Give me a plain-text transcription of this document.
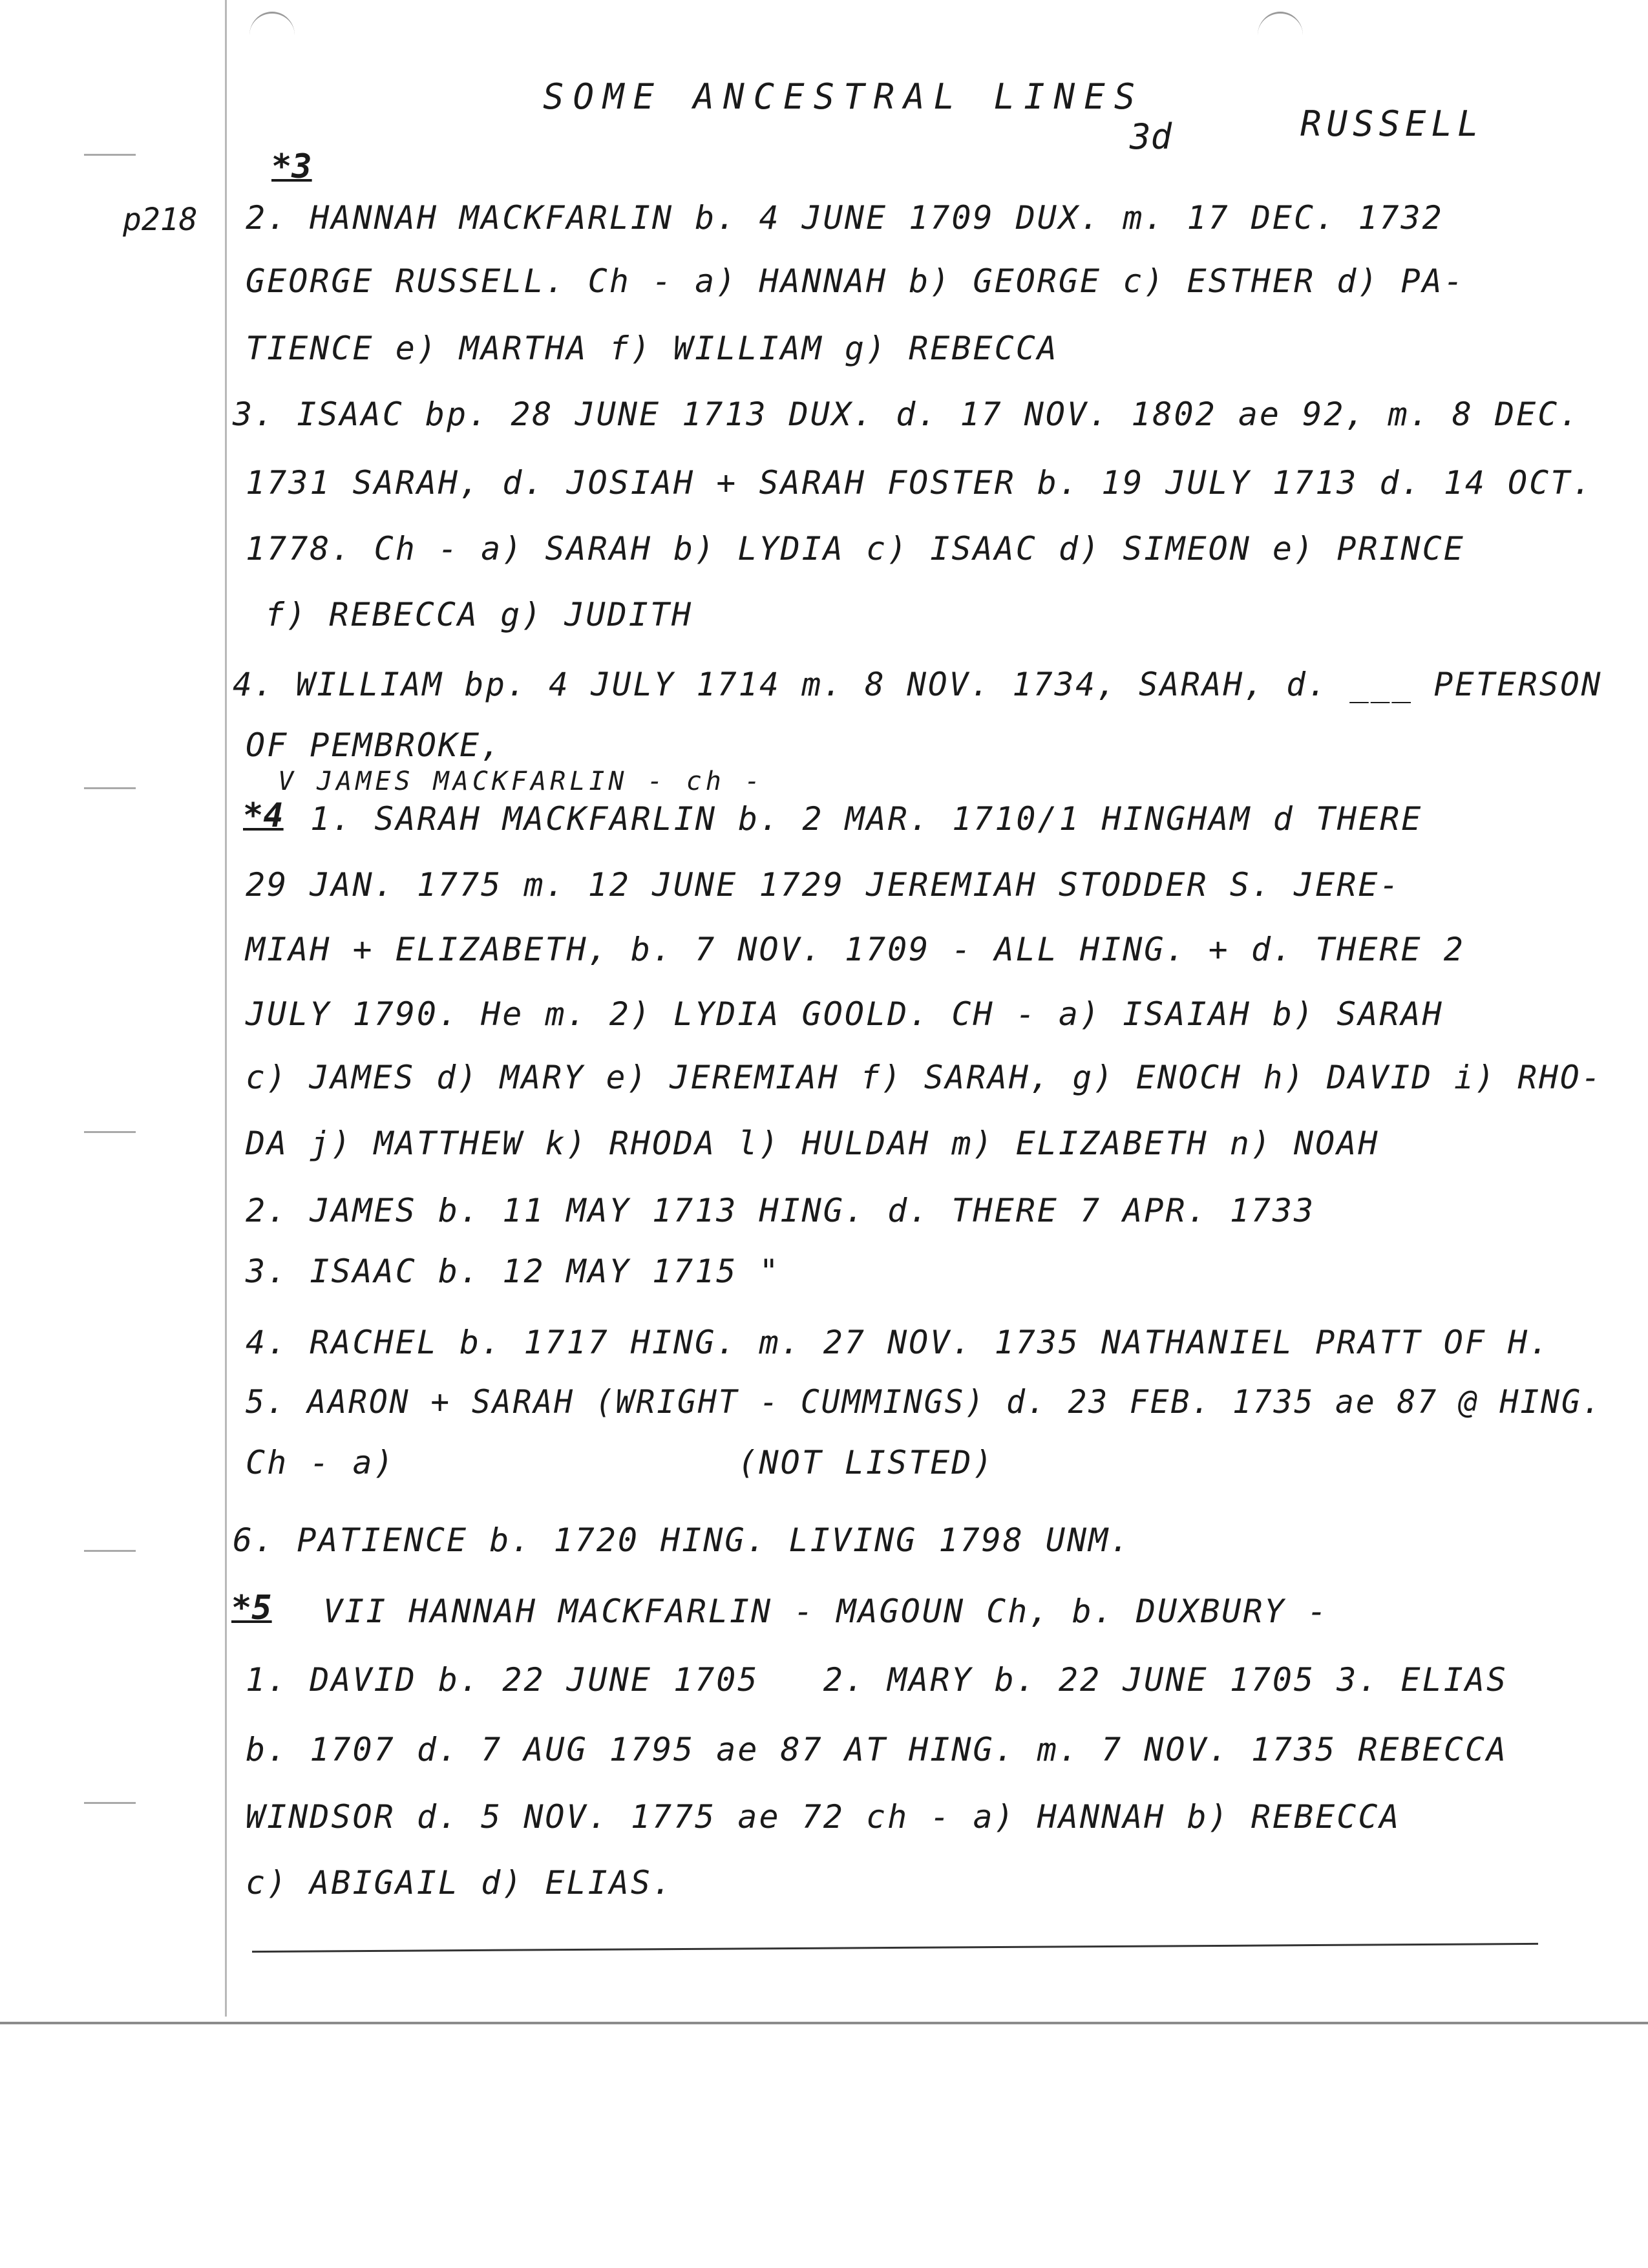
SOME ANCESTRAL LINES
3d	RUSSELL
p218
*3
*4
*5
2. HANNAH MACKFARLIN b. 4 JUNE 1709 DUX. m. 17 DEC. 1732
GEORGE RUSSELL. Ch - a) HANNAH b) GEORGE c) ESTHER d) PA-
TIENCE e) MARTHA f) WILLIAM g) REBECCA
3. ISAAC bp. 28 JUNE 1713 DUX. d. 17 NOV. 1802 ae 92, m. 8 DEC.
1731 SARAH, d. JOSIAH + SARAH FOSTER b. 19 JULY 1713 d. 14 OCT.
1778. Ch - a) SARAH b) LYDIA c) ISAAC d) SIMEON e) PRINCE
f) REBECCA g) JUDITH
4. WILLIAM bp. 4 JULY 1714 m. 8 NOV. 1734, SARAH, d. ___ PETERSON
OF PEMBROKE,
V JAMES MACKFARLIN - ch -
1. SARAH MACKFARLIN b. 2 MAR. 1710/1 HINGHAM d THERE
29 JAN. 1775 m. 12 JUNE 1729 JEREMIAH STODDER S. JERE-
MIAH + ELIZABETH, b. 7 NOV. 1709 - ALL HING. + d. THERE 2
JULY 1790. He m. 2) LYDIA GOOLD. CH - a) ISAIAH b) SARAH
c) JAMES d) MARY e) JEREMIAH f) SARAH, g) ENOCH h) DAVID i) RHO-
DA j) MATTHEW k) RHODA l) HULDAH m) ELIZABETH n) NOAH
2. JAMES b. 11 MAY 1713 HING. d. THERE 7 APR. 1733
3. ISAAC b. 12 MAY 1715 "
4. RACHEL b. 1717 HING. m. 27 NOV. 1735 NATHANIEL PRATT OF H.
5. AARON + SARAH (WRIGHT - CUMMINGS) d. 23 FEB. 1735 ae 87 @ HING.
Ch - a)                (NOT LISTED)
6. PATIENCE b. 1720 HING. LIVING 1798 UNM.
VII HANNAH MACKFARLIN - MAGOUN Ch, b. DUXBURY -
1. DAVID b. 22 JUNE 1705   2. MARY b. 22 JUNE 1705 3. ELIAS
b. 1707 d. 7 AUG 1795 ae 87 AT HING. m. 7 NOV. 1735 REBECCA
WINDSOR d. 5 NOV. 1775 ae 72 ch - a) HANNAH b) REBECCA
c) ABIGAIL d) ELIAS.
